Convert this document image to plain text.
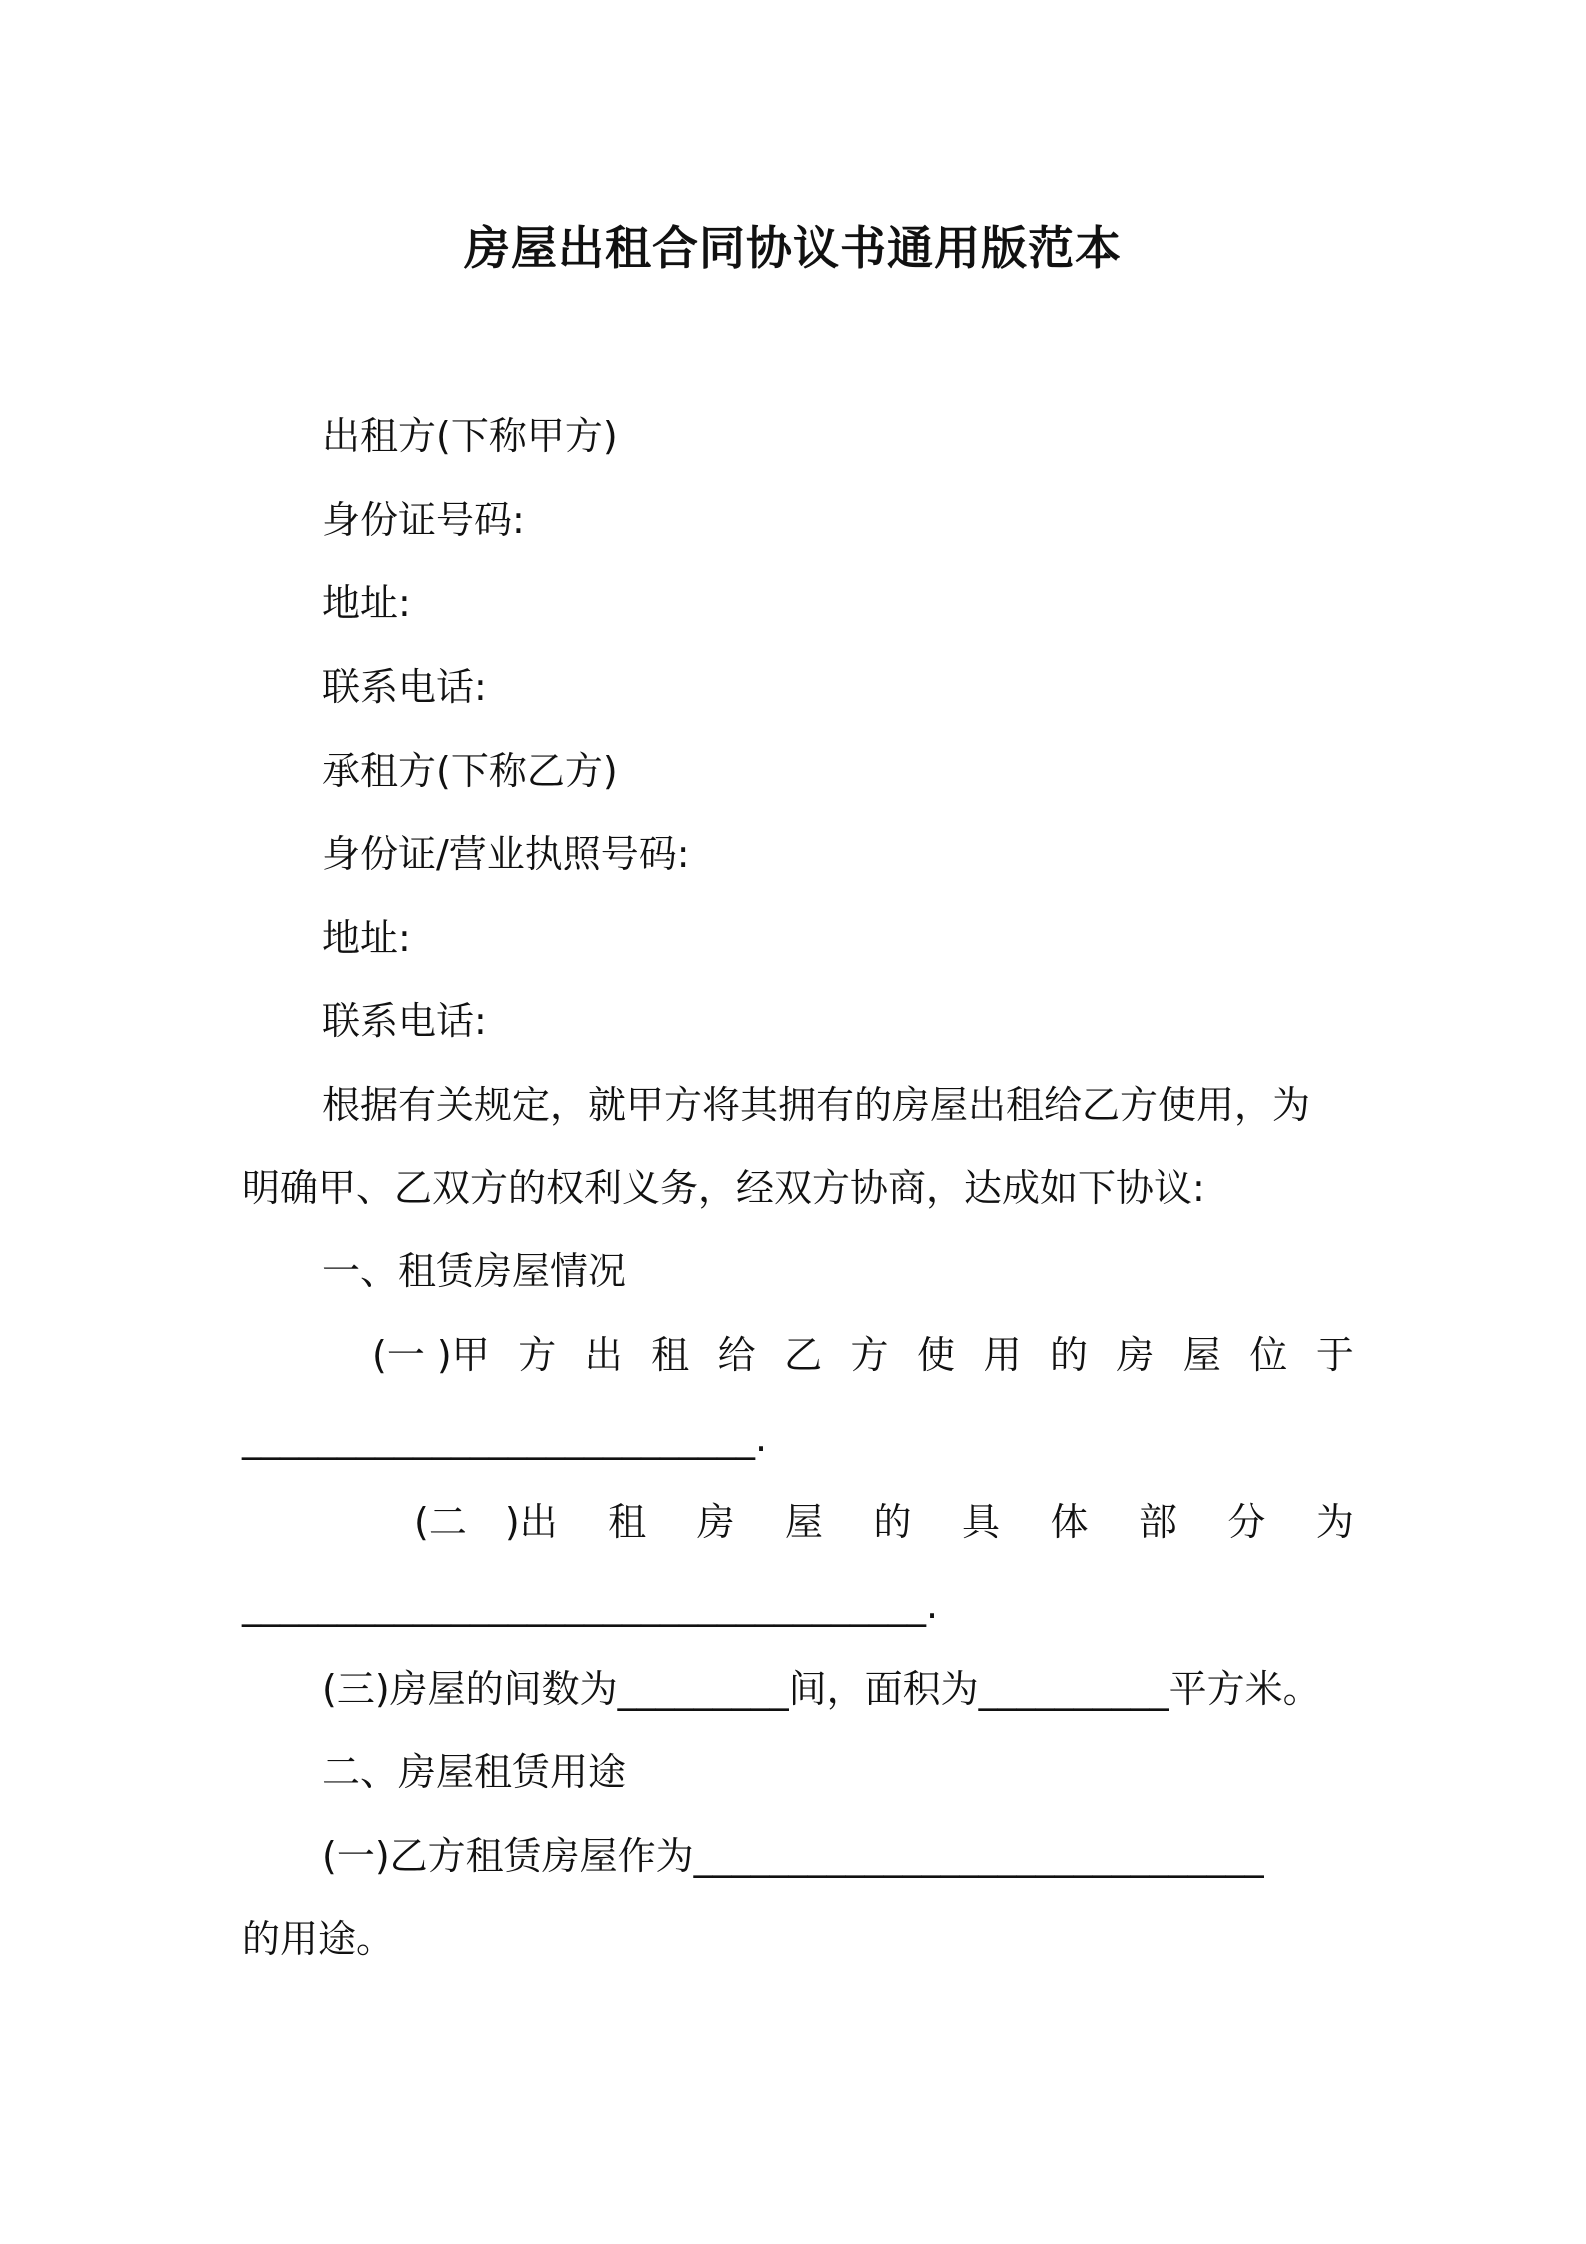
房屋出租合同协议书通用版范本
出租方(下称甲方)
身份证号码:
地址:
联系电话:
承租方(下称乙方)
身份证/营业执照号码:
地址:
联系电话:
根据有关规定，就甲方将其拥有的房屋出租给乙方使用，为
明确甲、乙双方的权利义务，经双方协商，达成如下协议:
一、租赁房屋情况
(一 )甲 方 出 租 给 乙 方 使 用 的 房 屋 位 于
___________________________.
(二　)出 租 房 屋 的 具 体 部 分 为
____________________________________.
(三)房屋的间数为_________间，面积为__________平方米。
二、房屋租赁用途
(一)乙方租赁房屋作为______________________________
的用途。
